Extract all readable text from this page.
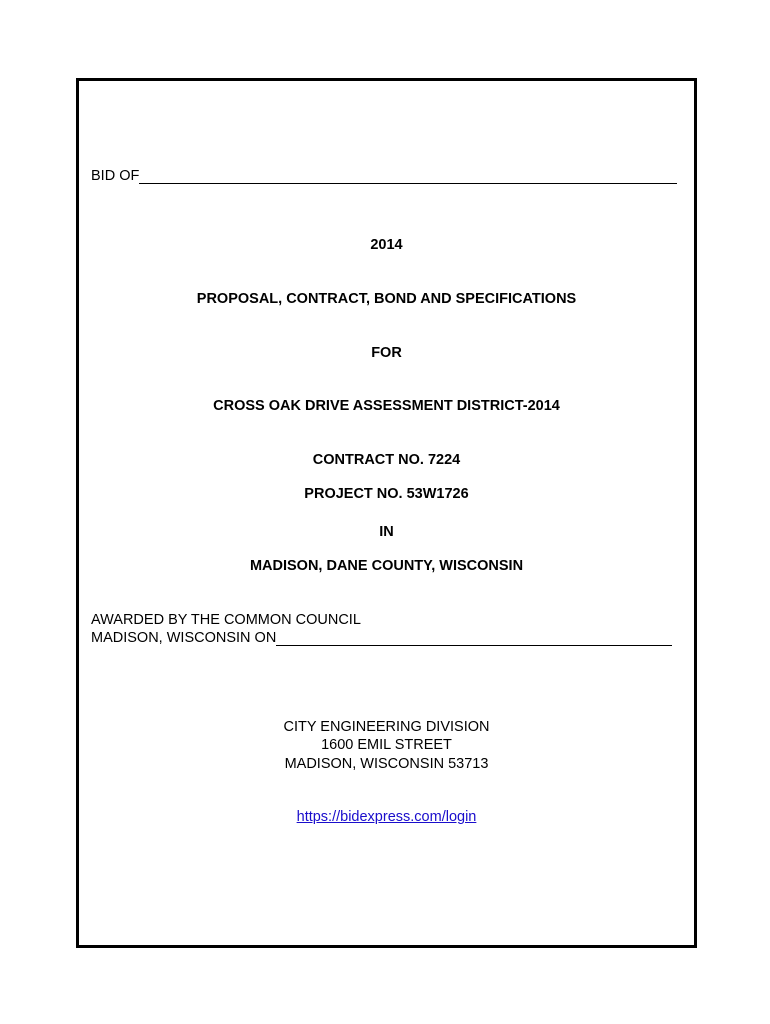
BID OF
2014
PROPOSAL, CONTRACT, BOND AND SPECIFICATIONS
FOR
CROSS OAK DRIVE ASSESSMENT DISTRICT-2014
CONTRACT NO. 7224
PROJECT NO. 53W1726
IN
MADISON, DANE COUNTY, WISCONSIN
AWARDED BY THE COMMON COUNCIL
MADISON, WISCONSIN ON
CITY ENGINEERING DIVISION
1600 EMIL STREET
MADISON, WISCONSIN 53713
https://bidexpress.com/login
